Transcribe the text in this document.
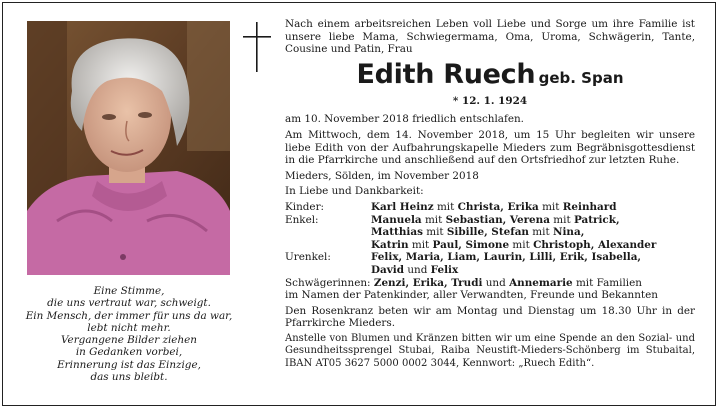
Eine Stimme,
die uns vertraut war, schweigt.
Ein Mensch, der immer für uns da war,
lebt nicht mehr.
Vergangene Bilder ziehen
in Gedanken vorbei,
Erinnerung ist das Einzige,
das uns bleibt.
Nach einem arbeitsreichen Leben voll Liebe und Sorge um ihre Familie ist
unsere liebe Mama, Schwiegermama, Oma, Uroma, Schwägerin, Tante,
Cousine und Patin, Frau
Edith Ruech geb. Span
* 12. 1. 1924
am 10. November 2018 friedlich entschlafen.
Am Mittwoch, dem 14. November 2018, um 15 Uhr begleiten wir unsere
liebe Edith von der Aufbahrungskapelle Mieders zum Begräbnisgottesdienst
in die Pfarrkirche und anschließend auf den Ortsfriedhof zur letzten Ruhe.
Mieders, Sölden, im November 2018
In Liebe und Dankbarkeit:
Kinder:	Karl Heinz mit Christa, Erika mit Reinhard
Enkel:	Manuela mit Sebastian, Verena mit Patrick,
Matthias mit Sibille, Stefan mit Nina,
Katrin mit Paul, Simone mit Christoph, Alexander
Urenkel:	Felix, Maria, Liam, Laurin, Lilli, Erik, Isabella,
David und Felix
Schwägerinnen: Zenzi, Erika, Trudi und Annemarie mit Familien
im Namen der Patenkinder, aller Verwandten, Freunde und Bekannten
Den Rosenkranz beten wir am Montag und Dienstag um 18.30 Uhr in der
Pfarrkirche Mieders.
Anstelle von Blumen und Kränzen bitten wir um eine Spende an den Sozial- und
Gesundheitssprengel Stubai, Raiba Neustift-Mieders-Schönberg im Stubaital,
IBAN AT05 3627 5000 0002 3044, Kennwort: „Ruech Edith“.
